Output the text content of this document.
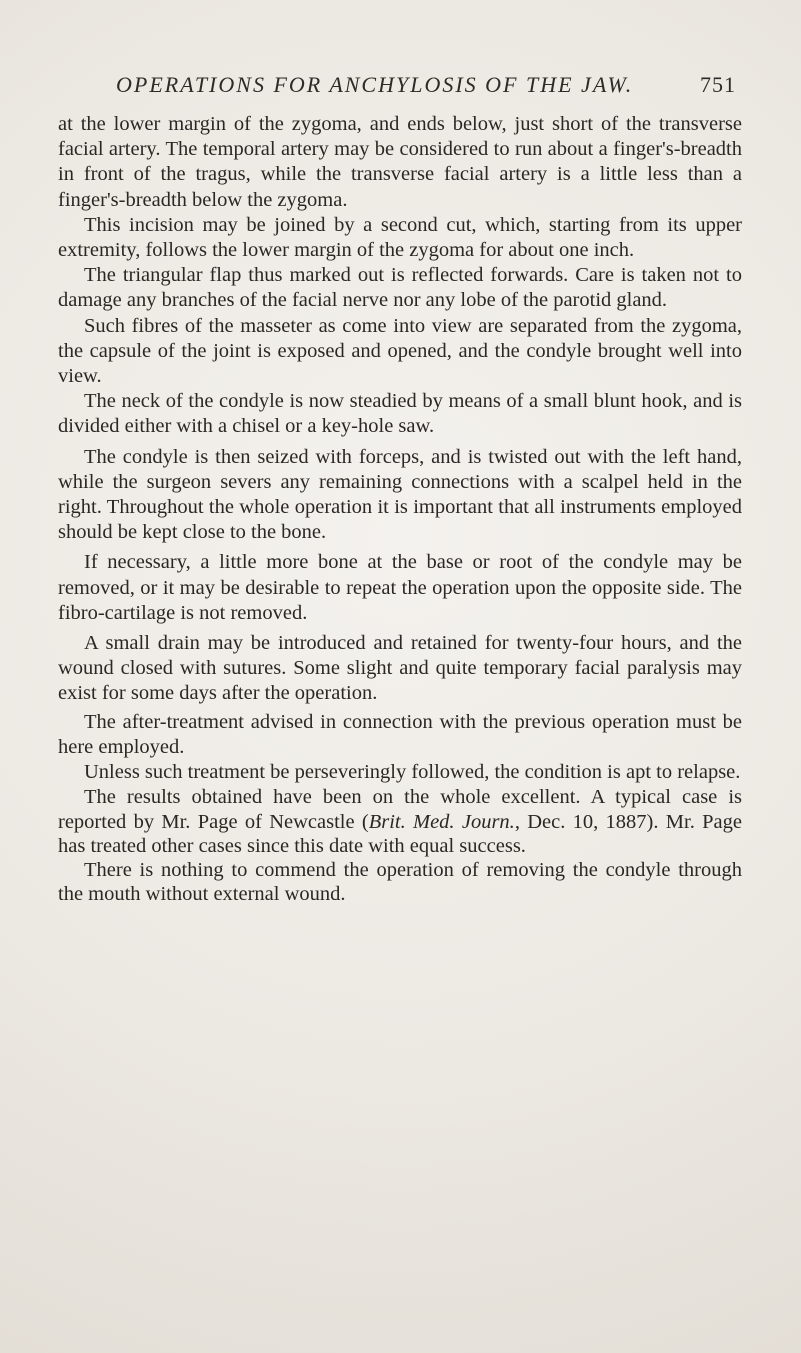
OPERATIONS FOR ANCHYLOSIS OF THE JAW.	751

at the lower margin of the zygoma, and ends below, just short of the transverse facial artery. The temporal artery may be considered to run about a finger's-breadth in front of the tragus, while the transverse facial artery is a little less than a finger's-breadth below the zygoma.

This incision may be joined by a second cut, which, starting from its upper extremity, follows the lower margin of the zygoma for about one inch.

The triangular flap thus marked out is reflected forwards. Care is taken not to damage any branches of the facial nerve nor any lobe of the parotid gland.

Such fibres of the masseter as come into view are separated from the zygoma, the capsule of the joint is exposed and opened, and the condyle brought well into view.

The neck of the condyle is now steadied by means of a small blunt hook, and is divided either with a chisel or a key-hole saw.

The condyle is then seized with forceps, and is twisted out with the left hand, while the surgeon severs any remaining connections with a scalpel held in the right. Throughout the whole operation it is important that all instruments employed should be kept close to the bone.

If necessary, a little more bone at the base or root of the condyle may be removed, or it may be desirable to repeat the operation upon the opposite side. The fibro-cartilage is not removed.

A small drain may be introduced and retained for twenty-four hours, and the wound closed with sutures. Some slight and quite temporary facial paralysis may exist for some days after the operation.

The after-treatment advised in connection with the previous operation must be here employed.

Unless such treatment be perseveringly followed, the condition is apt to relapse.

The results obtained have been on the whole excellent. A typical case is reported by Mr. Page of Newcastle (Brit. Med. Journ., Dec. 10, 1887). Mr. Page has treated other cases since this date with equal success.

There is nothing to commend the operation of removing the condyle through the mouth without external wound.
